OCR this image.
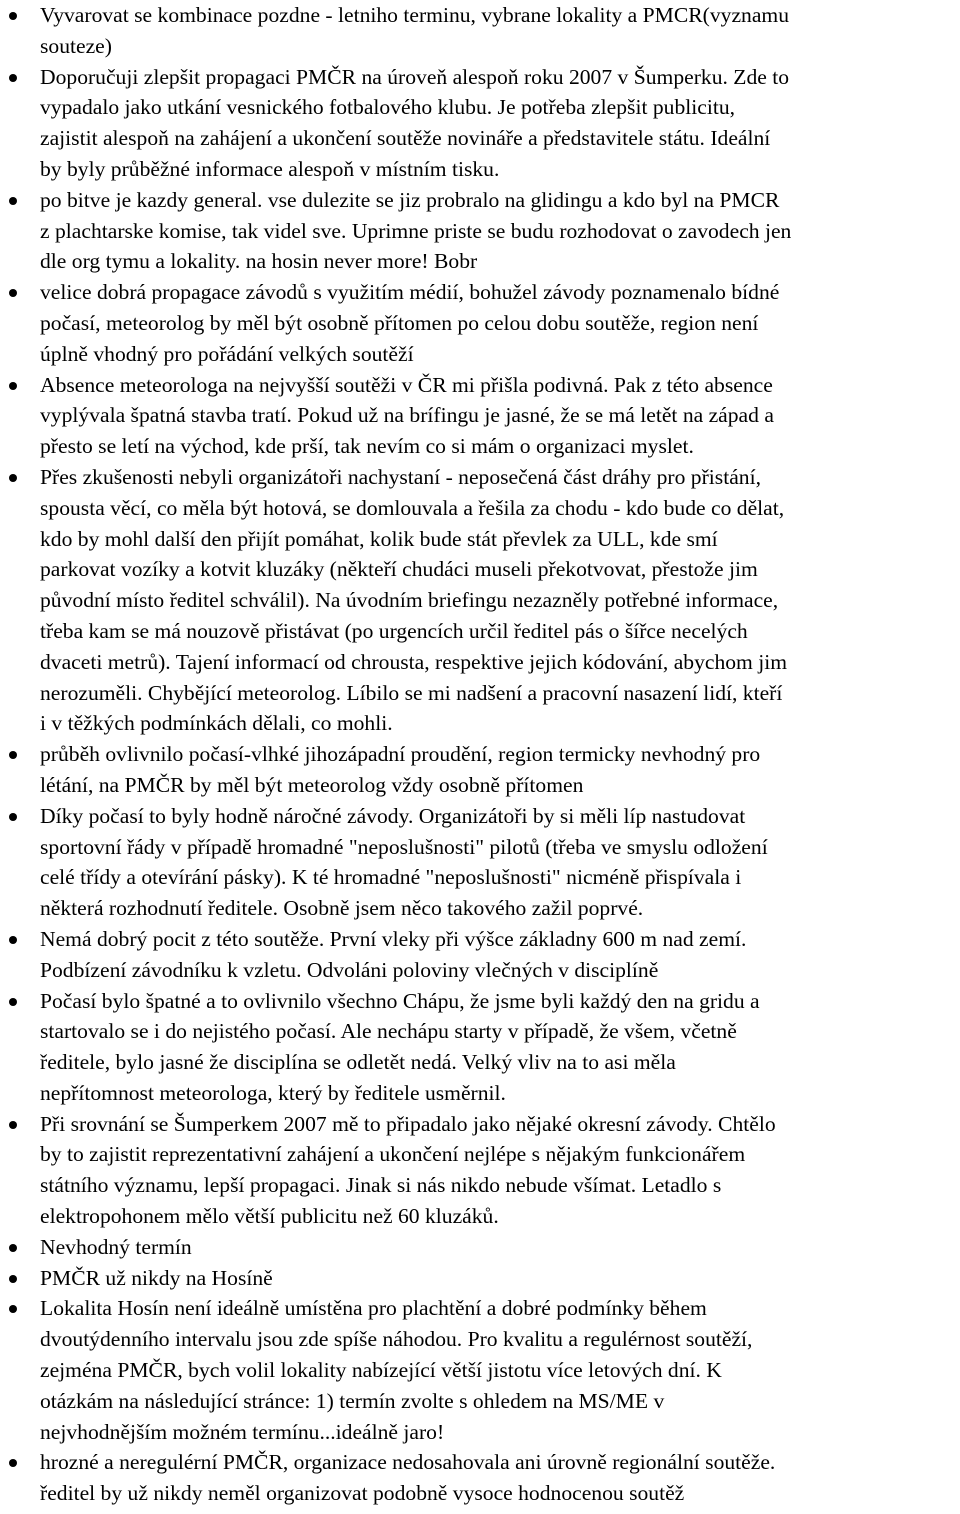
Vyvarovat se kombinace pozdne - letniho terminu, vybrane lokality a PMCR(vyznamu
souteze)
Doporučuji zlepšit propagaci PMČR na úroveň alespoň roku 2007 v Šumperku. Zde to
vypadalo jako utkání vesnického fotbalového klubu. Je potřeba zlepšit publicitu,
zajistit alespoň na zahájení a ukončení soutěže novináře a představitele státu. Ideální
by byly průběžné informace alespoň v místním tisku.
po bitve je kazdy general. vse dulezite se jiz probralo na glidingu a kdo byl na PMCR
z plachtarske komise, tak videl sve. Uprimne priste se budu rozhodovat o zavodech jen
dle org tymu a lokality. na hosin never more! Bobr
velice dobrá propagace závodů s využitím médií, bohužel závody poznamenalo bídné
počasí, meteorolog by měl být osobně přítomen po celou dobu soutěže, region není
úplně vhodný pro pořádání velkých soutěží
Absence meteorologa na nejvyšší soutěži v ČR mi přišla podivná. Pak z této absence
vyplývala špatná stavba tratí. Pokud už na brífingu je jasné, že se má letět na západ a
přesto se letí na východ, kde prší, tak nevím co si mám o organizaci myslet.
Přes zkušenosti nebyli organizátoři nachystaní - neposečená část dráhy pro přistání,
spousta věcí, co měla být hotová, se domlouvala a řešila za chodu - kdo bude co dělat,
kdo by mohl další den přijít pomáhat, kolik bude stát převlek za ULL, kde smí
parkovat vozíky a kotvit kluzáky (někteří chudáci museli překotvovat, přestože jim
původní místo ředitel schválil). Na úvodním briefingu nezazněly potřebné informace,
třeba kam se má nouzově přistávat (po urgencích určil ředitel pás o šířce necelých
dvaceti metrů). Tajení informací od chrousta, respektive jejich kódování, abychom jim
nerozuměli. Chybějící meteorolog. Líbilo se mi nadšení a pracovní nasazení lidí, kteří
i v těžkých podmínkách dělali, co mohli.
průběh ovlivnilo počasí-vlhké jihozápadní proudění, region termicky nevhodný pro
létání, na PMČR by měl být meteorolog vždy osobně přítomen
Díky počasí to byly hodně náročné závody. Organizátoři by si měli líp nastudovat
sportovní řády v případě hromadné "neposlušnosti" pilotů (třeba ve smyslu odložení
celé třídy a otevírání pásky). K té hromadné "neposlušnosti" nicméně přispívala i
některá rozhodnutí ředitele. Osobně jsem něco takového zažil poprvé.
Nemá dobrý pocit z této soutěže. První vleky při výšce základny 600 m nad zemí.
Podbízení závodníku k vzletu. Odvoláni poloviny vlečných v disciplíně
Počasí bylo špatné a to ovlivnilo všechno Chápu, že jsme byli každý den na gridu a
startovalo se i do nejistého počasí. Ale nechápu starty v případě, že všem, včetně
ředitele, bylo jasné že disciplína se odletět nedá. Velký vliv na to asi měla
nepřítomnost meteorologa, který by ředitele usměrnil.
Při srovnání se Šumperkem 2007 mě to připadalo jako nějaké okresní závody. Chtělo
by to zajistit reprezentativní zahájení a ukončení nejlépe s nějakým funkcionářem
státního významu, lepší propagaci. Jinak si nás nikdo nebude všímat. Letadlo s
elektropohonem mělo větší publicitu než 60 kluzáků.
Nevhodný termín
PMČR už nikdy na Hosíně
Lokalita Hosín není ideálně umístěna pro plachtění a dobré podmínky během
dvoutýdenního intervalu jsou zde spíše náhodou. Pro kvalitu a regulérnost soutěží,
zejména PMČR, bych volil lokality nabízející větší jistotu více letových dní. K
otázkám na následující stránce: 1) termín zvolte s ohledem na MS/ME v
nejvhodnějším možném termínu...ideálně jaro!
hrozné a neregulérní PMČR, organizace nedosahovala ani úrovně regionální soutěže.
ředitel by už nikdy neměl organizovat podobně vysoce hodnocenou soutěž
